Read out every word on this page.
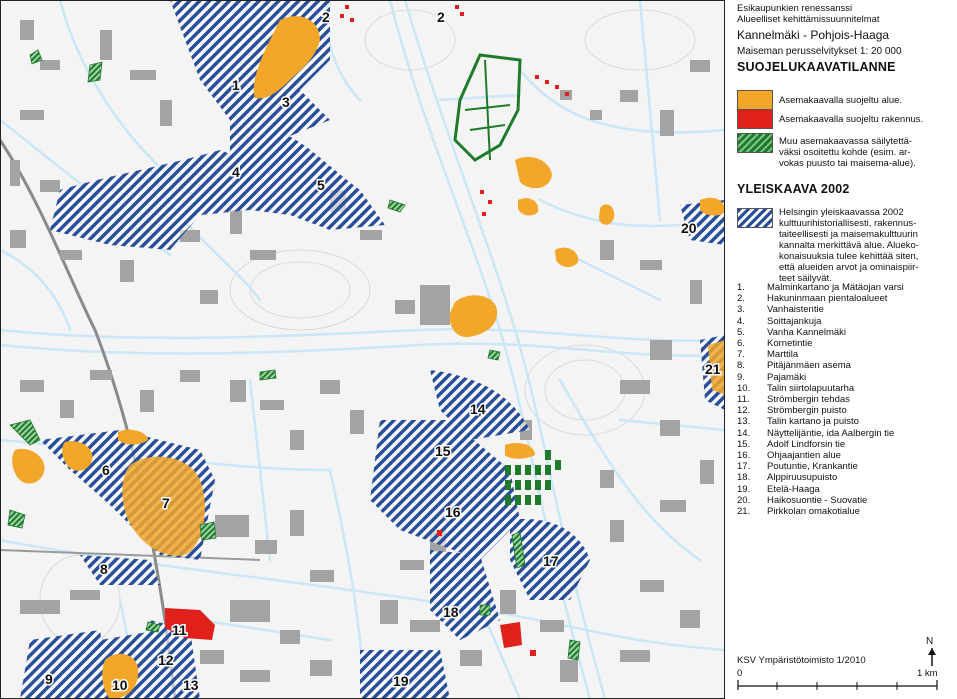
1
2	2
3
4
5
6
7
8
9	10
11
12
13
14
15
16
17
18
19
20
21
Esikaupunkien renessanssi
Alueelliset kehittämissuunnitelmat
Kannelmäki - Pohjois-Haaga
Maiseman perusselvitykset 1: 20 000
SUOJELUKAAVATILANNE
Asemakaavalla suojeltu alue.
Asemakaavalla suojeltu rakennus.
Muu asemakaavassa säilytettä-
väksi osoitettu kohde (esim. ar-
vokas puusto tai maisema-alue).
YLEISKAAVA 2002
Helsingin yleiskaavassa 2002
kulttuurihistoriallisesti, rakennus-
taiteellisesti ja maisemakulttuurin
kannalta merkittävä alue. Alueko-
konaisuuksia tulee kehittää siten,
että alueiden arvot ja ominaispiir-
teet säilyvät.
1. Malminkartano ja Mätäojan varsi
2. Hakuninmaan pientaloalueet
3. Vanhaistentie
4. Soittajankuja
5. Vanha Kannelmäki
6. Kornetintie
7. Marttila
8. Pitäjänmäen asema
9. Pajamäki
10. Talin siirtolapuutarha
11. Strömbergin tehdas
12. Strömbergin puisto
13. Talin kartano ja puisto
14. Näyttelijäntie, ida Aalbergin tie
15. Adolf Lindforsin tie
16. Ohjaajantien alue
17. Poutuntie, Krankantie
18. Alppiruusupuisto
19. Etelä-Haaga
20. Haikosuontie - Suovatie
21. Pirkkolan omakotialue
N
KSV Ympäristötoimisto 1/2010
0	1 km
